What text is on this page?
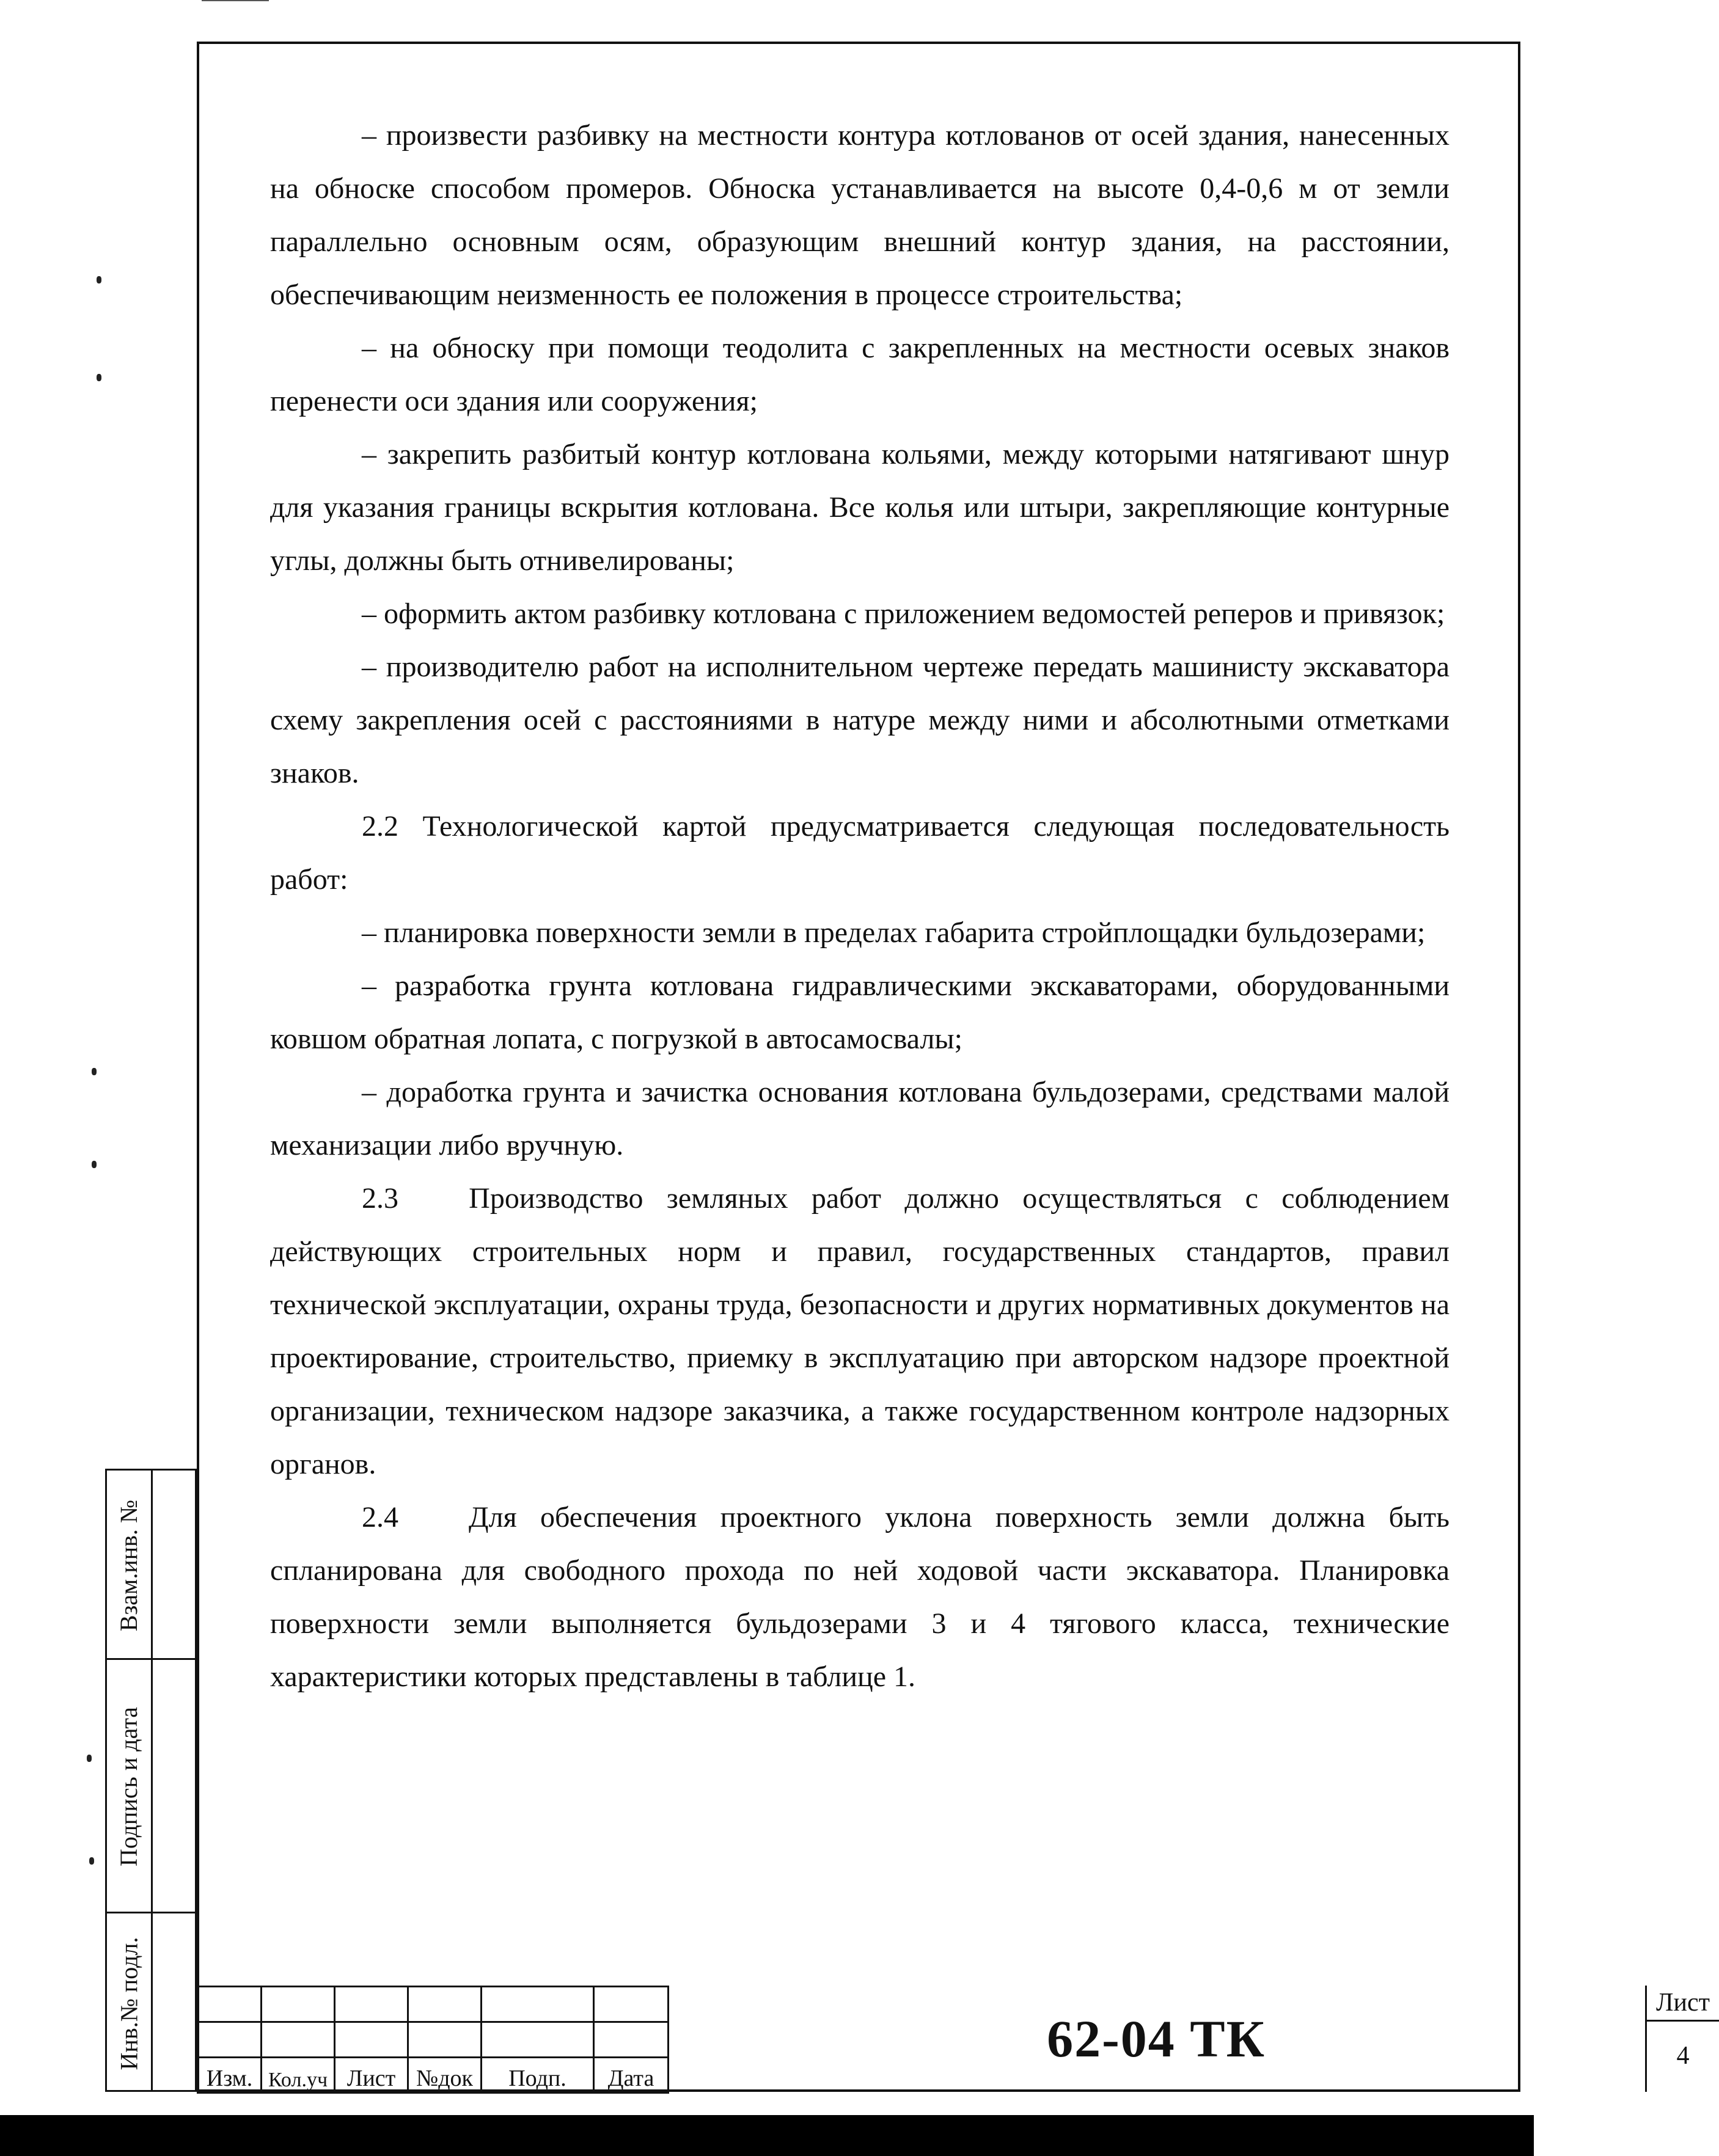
– произвести разбивку на местности контура котлованов от осей здания, нанесенных на обноске способом промеров. Обноска устанавливается на высоте 0,4-0,6 м от земли параллельно основным осям, образующим внешний контур здания, на расстоянии, обеспечивающим неизменность ее положения в процессе строительства;

– на обноску при помощи теодолита с закрепленных на местности осевых знаков перенести оси здания или сооружения;

– закрепить разбитый контур котлована кольями, между которыми натягивают шнур для указания границы вскрытия котлована. Все колья или штыри, закрепляющие контурные углы, должны быть отнивелированы;

– оформить актом разбивку котлована с приложением ведомостей реперов и привязок;

– производителю работ на исполнительном чертеже передать машинисту экскаватора схему закрепления осей с расстояниями в натуре между ними и абсолютными отметками знаков.

2.2 Технологической картой предусматривается следующая последовательность работ:

– планировка поверхности земли в пределах габарита стройплощадки бульдозерами;

– разработка грунта котлована гидравлическими экскаваторами, оборудованными ковшом обратная лопата, с погрузкой в автосамосвалы;

– доработка грунта и зачистка основания котлована бульдозерами, средствами малой механизации либо вручную.

2.3   Производство земляных работ должно осуществляться с соблюдением действующих строительных норм и правил, государственных стандартов, правил технической эксплуатации, охраны труда, безопасности и других нормативных документов на проектирование, строительство, приемку в эксплуатацию при авторском надзоре проектной организации, техническом надзоре заказчика, а также государственном контроле надзорных органов.

2.4   Для обеспечения проектного уклона поверхность земли должна быть спланирована для свободного прохода по ней ходовой части экскаватора. Планировка поверхности земли выполняется бульдозерами 3 и 4 тягового класса, технические характеристики которых представлены в таблице 1.

Взам.инв. №
Подпись и дата
Инв.№ подл.

Изм.	Кол.уч	Лист	№док	Подп.	Дата
62-04 ТК
Лист
4
